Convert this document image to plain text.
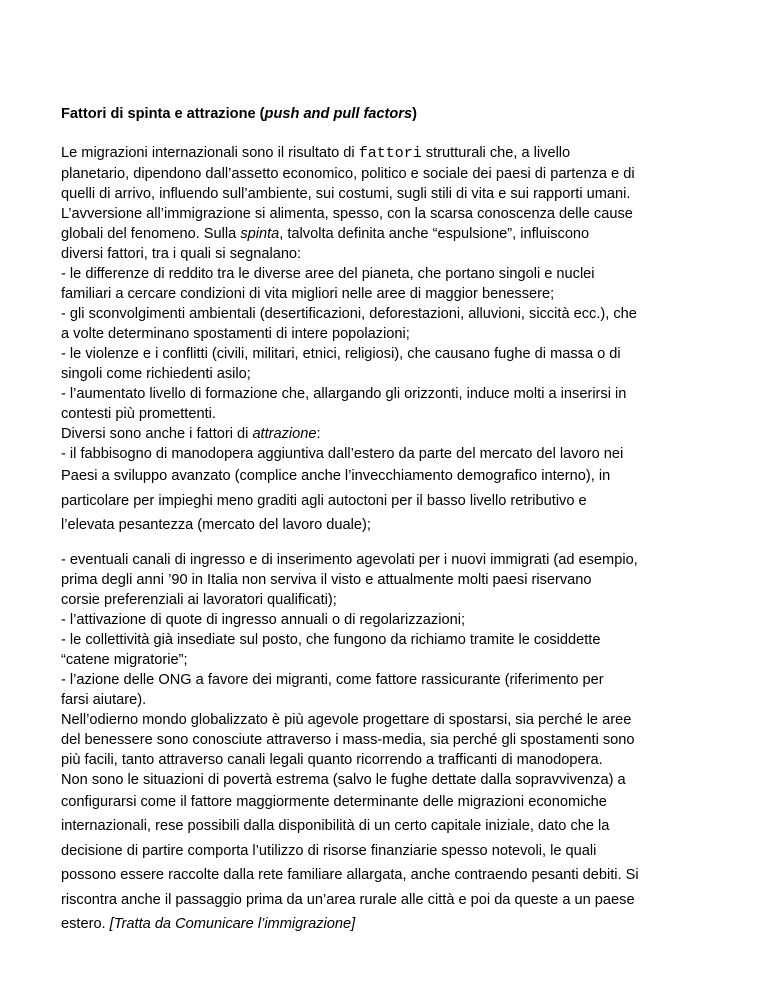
Fattori di spinta e attrazione (push and pull factors)

Le migrazioni internazionali sono il risultato di fattori strutturali che, a livello

planetario, dipendono dall’assetto economico, politico e sociale dei paesi di partenza e di

quelli di arrivo, influendo sull’ambiente, sui costumi, sugli stili di vita e sui rapporti umani.

L’avversione all’immigrazione si alimenta, spesso, con la scarsa conoscenza delle cause

globali del fenomeno. Sulla spinta, talvolta definita anche “espulsione”, influiscono

diversi fattori, tra i quali si segnalano:

- le differenze di reddito tra le diverse aree del pianeta, che portano singoli e nuclei

familiari a cercare condizioni di vita migliori nelle aree di maggior benessere;

- gli sconvolgimenti ambientali (desertificazioni, deforestazioni, alluvioni, siccità ecc.), che

a volte determinano spostamenti di intere popolazioni;

- le violenze e i conflitti (civili, militari, etnici, religiosi), che causano fughe di massa o di

singoli come richiedenti asilo;

- l’aumentato livello di formazione che, allargando gli orizzonti, induce molti a inserirsi in

contesti più promettenti.

Diversi sono anche i fattori di attrazione:

- il fabbisogno di manodopera aggiuntiva dall’estero da parte del mercato del lavoro nei

Paesi a sviluppo avanzato (complice anche l’invecchiamento demografico interno), in

particolare per impieghi meno graditi agli autoctoni per il basso livello retributivo e

l’elevata pesantezza (mercato del lavoro duale);

- eventuali canali di ingresso e di inserimento agevolati per i nuovi immigrati (ad esempio,

prima degli anni ’90 in Italia non serviva il visto e attualmente molti paesi riservano

corsie preferenziali ai lavoratori qualificati);

- l’attivazione di quote di ingresso annuali o di regolarizzazioni;

- le collettività già insediate sul posto, che fungono da richiamo tramite le cosiddette

“catene migratorie”;

- l’azione delle ONG a favore dei migranti, come fattore rassicurante (riferimento per

farsi aiutare).

Nell’odierno mondo globalizzato è più agevole progettare di spostarsi, sia perché le aree

del benessere sono conosciute attraverso i mass-media, sia perché gli spostamenti sono

più facili, tanto attraverso canali legali quanto ricorrendo a trafficanti di manodopera.

Non sono le situazioni di povertà estrema (salvo le fughe dettate dalla sopravvivenza) a

configurarsi come il fattore maggiormente determinante delle migrazioni economiche

internazionali, rese possibili dalla disponibilità di un certo capitale iniziale, dato che la

decisione di partire comporta l’utilizzo di risorse finanziarie spesso notevoli, le quali

possono essere raccolte dalla rete familiare allargata, anche contraendo pesanti debiti. Si

riscontra anche il passaggio prima da un’area rurale alle città e poi da queste a un paese

estero. [Tratta da Comunicare l’immigrazione]
